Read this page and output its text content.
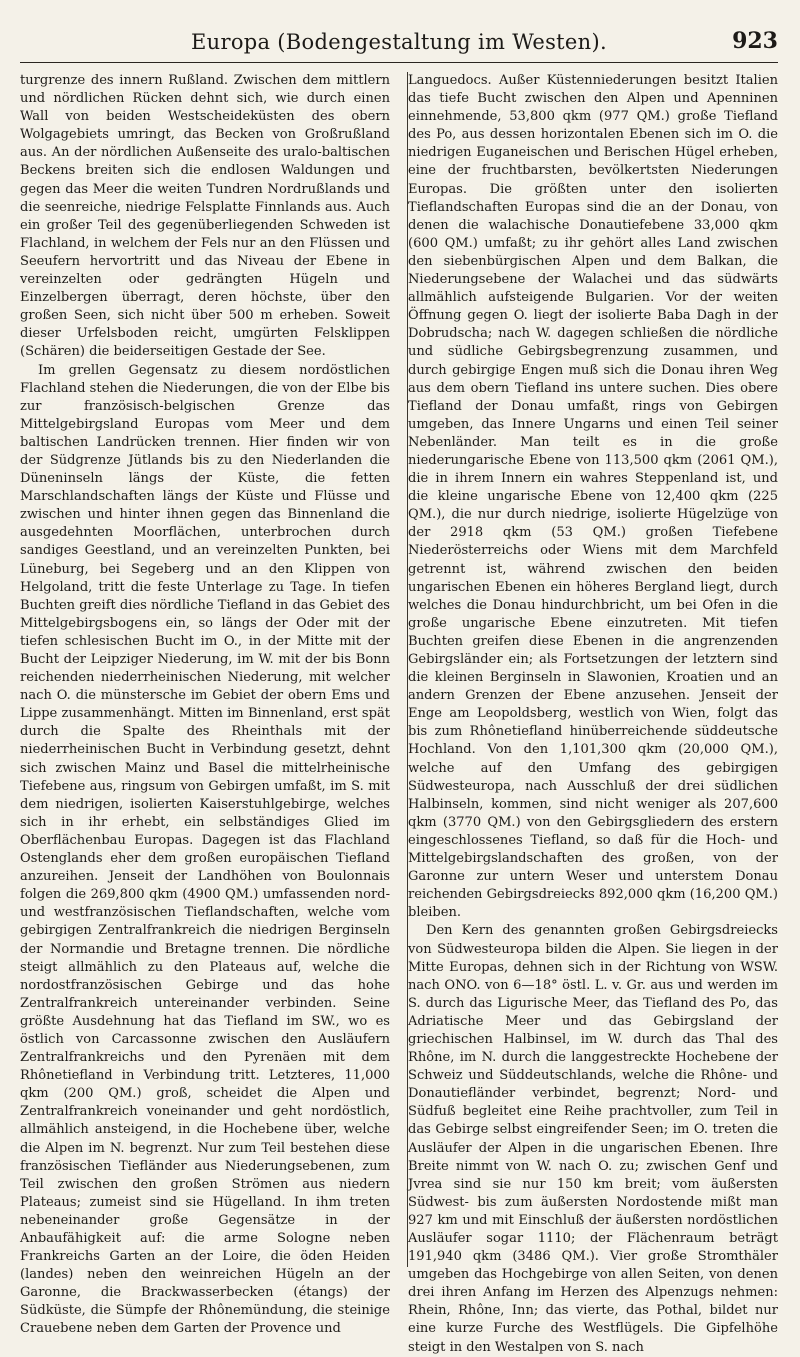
Europa (Bodengestaltung im Westen).	923

turgrenze des innern Rußland. Zwischen dem mittlern und nördlichen Rücken dehnt sich, wie durch einen Wall von beiden Westscheideküsten des obern Wolgagebiets umringt, das Becken von Großrußland aus. An der nördlichen Außenseite des uralo-baltischen Beckens breiten sich die endlosen Waldungen und gegen das Meer die weiten Tundren Nordrußlands und die seenreiche, niedrige Felsplatte Finnlands aus. Auch ein großer Teil des gegenüberliegenden Schweden ist Flachland, in welchem der Fels nur an den Flüssen und Seeufern hervortritt und das Niveau der Ebene in vereinzelten oder gedrängten Hügeln und Einzelbergen überragt, deren höchste, über den großen Seen, sich nicht über 500 m erheben. Soweit dieser Urfelsboden reicht, umgürten Felsklippen (Schären) die beiderseitigen Gestade der See.

Im grellen Gegensatz zu diesem nordöstlichen Flachland stehen die Niederungen, die von der Elbe bis zur französisch-belgischen Grenze das Mittelgebirgsland Europas vom Meer und dem baltischen Landrücken trennen. Hier finden wir von der Südgrenze Jütlands bis zu den Niederlanden die Düneninseln längs der Küste, die fetten Marschlandschaften längs der Küste und Flüsse und zwischen und hinter ihnen gegen das Binnenland die ausgedehnten Moorflächen, unterbrochen durch sandiges Geestland, und an vereinzelten Punkten, bei Lüneburg, bei Segeberg und an den Klippen von Helgoland, tritt die feste Unterlage zu Tage. In tiefen Buchten greift dies nördliche Tiefland in das Gebiet des Mittelgebirgsbogens ein, so längs der Oder mit der tiefen schlesischen Bucht im O., in der Mitte mit der Bucht der Leipziger Niederung, im W. mit der bis Bonn reichenden niederrheinischen Niederung, mit welcher nach O. die münstersche im Gebiet der obern Ems und Lippe zusammenhängt. Mitten im Binnenland, erst spät durch die Spalte des Rheinthals mit der niederrheinischen Bucht in Verbindung gesetzt, dehnt sich zwischen Mainz und Basel die mittelrheinische Tiefebene aus, ringsum von Gebirgen umfaßt, im S. mit dem niedrigen, isolierten Kaiserstuhlgebirge, welches sich in ihr erhebt, ein selbständiges Glied im Oberflächenbau Europas. Dagegen ist das Flachland Ostenglands eher dem großen europäischen Tiefland anzureihen. Jenseit der Landhöhen von Boulonnais folgen die 269,800 qkm (4900 QM.) umfassenden nord- und westfranzösischen Tieflandschaften, welche vom gebirgigen Zentralfrankreich die niedrigen Berginseln der Normandie und Bretagne trennen. Die nördliche steigt allmählich zu den Plateaus auf, welche die nordostfranzösischen Gebirge und das hohe Zentralfrankreich untereinander verbinden. Seine größte Ausdehnung hat das Tiefland im SW., wo es östlich von Carcassonne zwischen den Ausläufern Zentralfrankreichs und den Pyrenäen mit dem Rhônetiefland in Verbindung tritt. Letzteres, 11,000 qkm (200 QM.) groß, scheidet die Alpen und Zentralfrankreich voneinander und geht nordöstlich, allmählich ansteigend, in die Hochebene über, welche die Alpen im N. begrenzt. Nur zum Teil bestehen diese französischen Tiefländer aus Niederungsebenen, zum Teil zwischen den großen Strömen aus niedern Plateaus; zumeist sind sie Hügelland. In ihm treten nebeneinander große Gegensätze in der Anbaufähigkeit auf: die arme Sologne neben Frankreichs Garten an der Loire, die öden Heiden (landes) neben den weinreichen Hügeln an der Garonne, die Brackwasserbecken (étangs) der Südküste, die Sümpfe der Rhônemündung, die steinige Crauebene neben dem Garten der Provence und

Languedocs. Außer Küstenniederungen besitzt Italien das tiefe Bucht zwischen den Alpen und Apenninen einnehmende, 53,800 qkm (977 QM.) große Tiefland des Po, aus dessen horizontalen Ebenen sich im O. die niedrigen Euganeischen und Berischen Hügel erheben, eine der fruchtbarsten, bevölkertsten Niederungen Europas. Die größten unter den isolierten Tieflandschaften Europas sind die an der Donau, von denen die walachische Donautiefebene 33,000 qkm (600 QM.) umfaßt; zu ihr gehört alles Land zwischen den siebenbürgischen Alpen und dem Balkan, die Niederungsebene der Walachei und das südwärts allmählich aufsteigende Bulgarien. Vor der weiten Öffnung gegen O. liegt der isolierte Baba Dagh in der Dobrudscha; nach W. dagegen schließen die nördliche und südliche Gebirgsbegrenzung zusammen, und durch gebirgige Engen muß sich die Donau ihren Weg aus dem obern Tiefland ins untere suchen. Dies obere Tiefland der Donau umfaßt, rings von Gebirgen umgeben, das Innere Ungarns und einen Teil seiner Nebenländer. Man teilt es in die große niederungarische Ebene von 113,500 qkm (2061 QM.), die in ihrem Innern ein wahres Steppenland ist, und die kleine ungarische Ebene von 12,400 qkm (225 QM.), die nur durch niedrige, isolierte Hügelzüge von der 2918 qkm (53 QM.) großen Tiefebene Niederösterreichs oder Wiens mit dem Marchfeld getrennt ist, während zwischen den beiden ungarischen Ebenen ein höheres Bergland liegt, durch welches die Donau hindurchbricht, um bei Ofen in die große ungarische Ebene einzutreten. Mit tiefen Buchten greifen diese Ebenen in die angrenzenden Gebirgsländer ein; als Fortsetzungen der letztern sind die kleinen Berginseln in Slawonien, Kroatien und an andern Grenzen der Ebene anzusehen. Jenseit der Enge am Leopoldsberg, westlich von Wien, folgt das bis zum Rhônetiefland hinüberreichende süddeutsche Hochland. Von den 1,101,300 qkm (20,000 QM.), welche auf den Umfang des gebirgigen Südwesteuropa, nach Ausschluß der drei südlichen Halbinseln, kommen, sind nicht weniger als 207,600 qkm (3770 QM.) von den Gebirgsgliedern des erstern eingeschlossenes Tiefland, so daß für die Hoch- und Mittelgebirgslandschaften des großen, von der Garonne zur untern Weser und unterstem Donau reichenden Gebirgsdreiecks 892,000 qkm (16,200 QM.) bleiben.

Den Kern des genannten großen Gebirgsdreiecks von Südwesteuropa bilden die Alpen. Sie liegen in der Mitte Europas, dehnen sich in der Richtung von WSW. nach ONO. von 6—18° östl. L. v. Gr. aus und werden im S. durch das Ligurische Meer, das Tiefland des Po, das Adriatische Meer und das Gebirgsland der griechischen Halbinsel, im W. durch das Thal des Rhône, im N. durch die langgestreckte Hochebene der Schweiz und Süddeutschlands, welche die Rhône- und Donautiefländer verbindet, begrenzt; Nord- und Südfuß begleitet eine Reihe prachtvoller, zum Teil in das Gebirge selbst eingreifender Seen; im O. treten die Ausläufer der Alpen in die ungarischen Ebenen. Ihre Breite nimmt von W. nach O. zu; zwischen Genf und Jvrea sind sie nur 150 km breit; vom äußersten Südwest- bis zum äußersten Nordostende mißt man 927 km und mit Einschluß der äußersten nordöstlichen Ausläufer sogar 1110; der Flächenraum beträgt 191,940 qkm (3486 QM.). Vier große Stromthäler umgeben das Hochgebirge von allen Seiten, von denen drei ihren Anfang im Herzen des Alpenzugs nehmen: Rhein, Rhône, Inn; das vierte, das Pothal, bildet nur eine kurze Furche des Westflügels. Die Gipfelhöhe steigt in den Westalpen von S. nach
